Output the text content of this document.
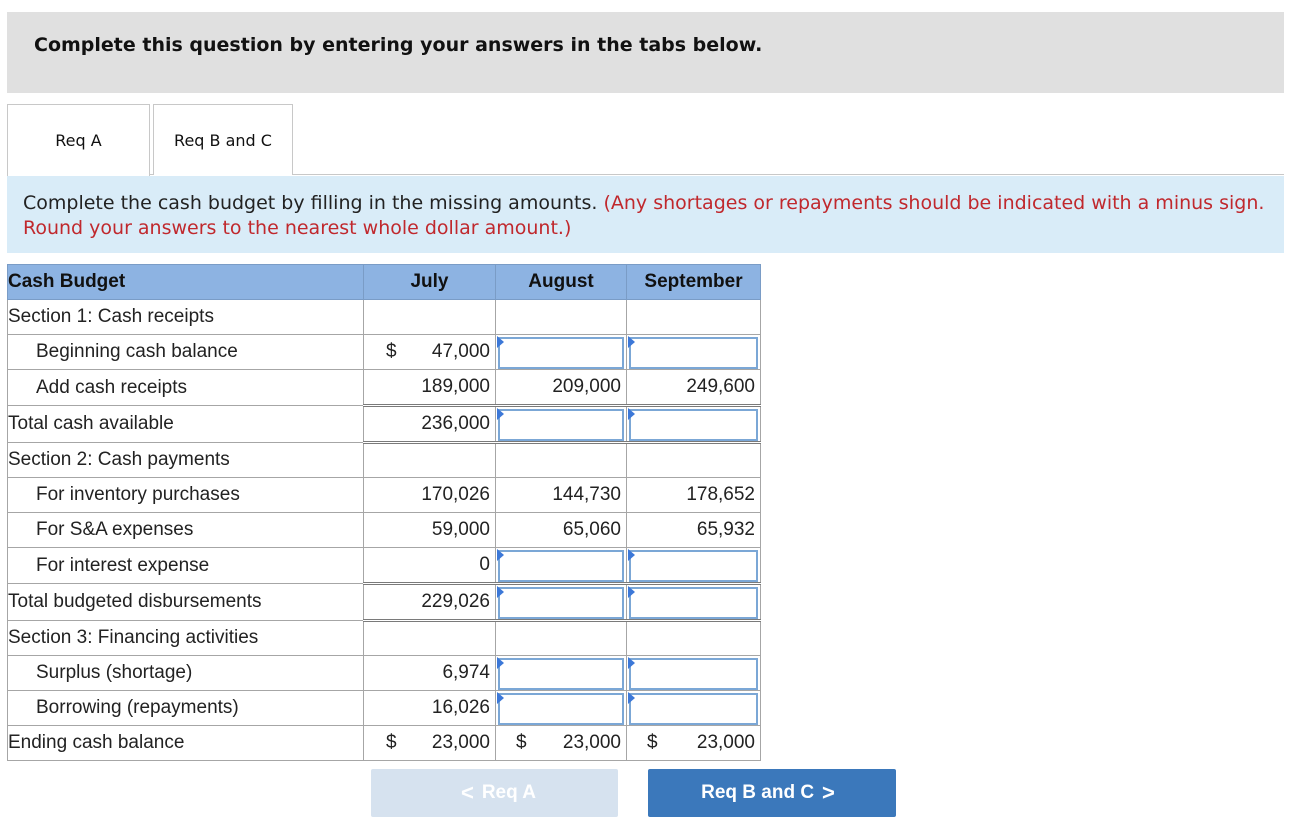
Complete this question by entering your answers in the tabs below.
Req A	Req B and C
Complete the cash budget by filling in the missing amounts. (Any shortages or repayments should be indicated with a minus sign. Round your answers to the nearest whole dollar amount.)
Cash Budget	July	August	September
Section 1: Cash receipts			
Beginning cash balance	$ 47,000		

Add cash receipts	189,000	209,000	249,600

Total cash available	236,000		

Section 2: Cash payments			
For inventory purchases	170,026	144,730	178,652

For S&A expenses	59,000	65,060	65,932

For interest expense	0		

Total budgeted disbursements	229,026		

Section 3: Financing activities			
Surplus (shortage)	6,974		

Borrowing (repayments)	16,026		

Ending cash balance	$ 23,000	$ 23,000	$ 23,000
< Req A	Req B and C >
